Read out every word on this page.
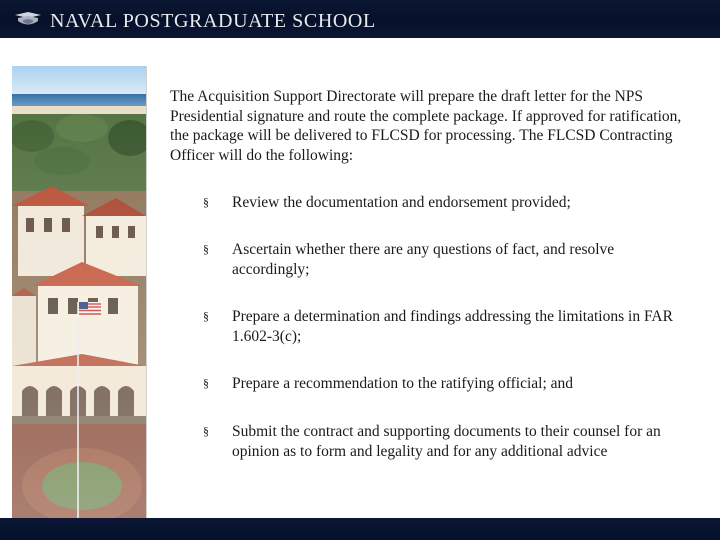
NAVAL POSTGRADUATE SCHOOL
The Acquisition Support Directorate will prepare the draft letter for the NPS Presidential signature and route the complete package. If approved for ratification, the package will be delivered to FLCSD for processing. The FLCSD Contracting Officer will do the following:
§ Review the documentation and endorsement provided;
§ Ascertain whether there are any questions of fact, and resolve accordingly;
§ Prepare a determination and findings addressing the limitations in FAR 1.602-3(c);
§ Prepare a recommendation to the ratifying official; and
§ Submit the contract and supporting documents to their counsel for an opinion as to form and legality and for any additional advice
